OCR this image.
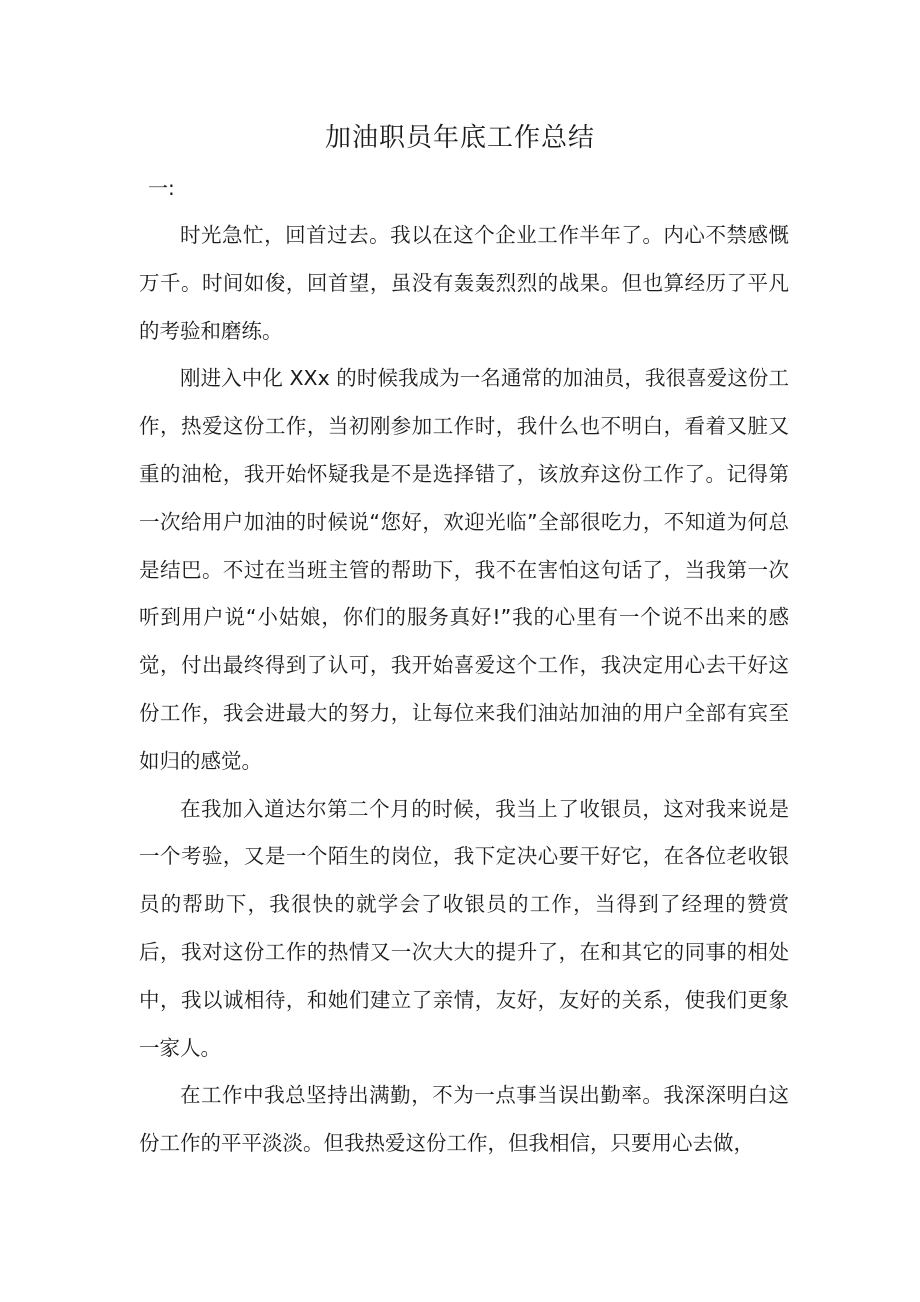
加油职员年底工作总结
一:

时光急忙，回首过去。我以在这个企业工作半年了。内心不禁感慨万千。时间如俊，回首望，虽没有轰轰烈烈的战果。但也算经历了平凡的考验和磨练。

刚进入中化 XXx 的时候我成为一名通常的加油员，我很喜爱这份工作，热爱这份工作，当初刚参加工作时，我什么也不明白，看着又脏又重的油枪，我开始怀疑我是不是选择错了，该放弃这份工作了。记得第一次给用户加油的时候说“您好，欢迎光临”全部很吃力，不知道为何总是结巴。不过在当班主管的帮助下，我不在害怕这句话了，当我第一次听到用户说“小姑娘，你们的服务真好!”我的心里有一个说不出来的感觉，付出最终得到了认可，我开始喜爱这个工作，我决定用心去干好这份工作，我会进最大的努力，让每位来我们油站加油的用户全部有宾至如归的感觉。

在我加入道达尔第二个月的时候，我当上了收银员，这对我来说是一个考验，又是一个陌生的岗位，我下定决心要干好它，在各位老收银员的帮助下，我很快的就学会了收银员的工作，当得到了经理的赞赏后，我对这份工作的热情又一次大大的提升了，在和其它的同事的相处中，我以诚相待，和她们建立了亲情，友好，友好的关系，使我们更象一家人。

在工作中我总坚持出满勤，不为一点事当误出勤率。我深深明白这份工作的平平淡淡。但我热爱这份工作，但我相信，只要用心去做，
